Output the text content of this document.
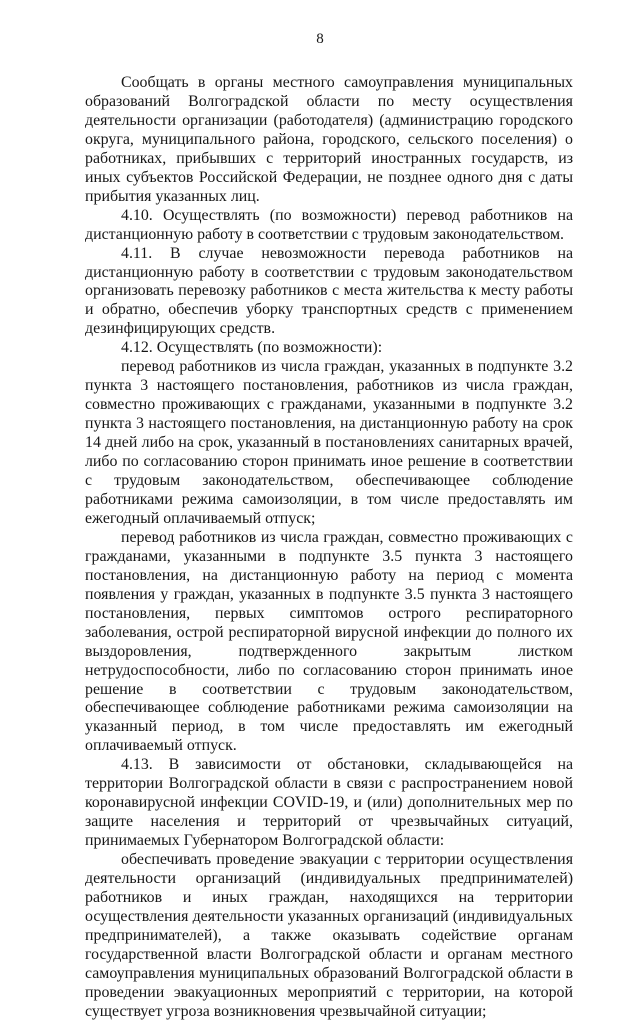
8

Сообщать в органы местного самоуправления муниципальных образований Волгоградской области по месту осуществления деятельности организации (работодателя) (администрацию городского округа, муниципального района, городского, сельского поселения) о работниках, прибывших с территорий иностранных государств, из иных субъектов Российской Федерации, не позднее одного дня с даты прибытия указанных лиц.

4.10. Осуществлять (по возможности) перевод работников на дистанционную работу в соответствии с трудовым законодательством.

4.11. В случае невозможности перевода работников на дистанционную работу в соответствии с трудовым законодательством организовать перевозку работников с места жительства к месту работы и обратно, обеспечив уборку транспортных средств с применением дезинфицирующих средств.

4.12. Осуществлять (по возможности):

перевод работников из числа граждан, указанных в подпункте 3.2 пункта 3 настоящего постановления, работников из числа граждан, совместно проживающих с гражданами, указанными в подпункте 3.2 пункта 3 настоящего постановления, на дистанционную работу на срок 14 дней либо на срок, указанный в постановлениях санитарных врачей, либо по согласованию сторон принимать иное решение в соответствии с трудовым законодательством, обеспечивающее соблюдение работниками режима самоизоляции, в том числе предоставлять им ежегодный оплачиваемый отпуск;

перевод работников из числа граждан, совместно проживающих с гражданами, указанными в подпункте 3.5 пункта 3 настоящего постановления, на дистанционную работу на период с момента появления у граждан, указанных в подпункте 3.5 пункта 3 настоящего постановления, первых симптомов острого респираторного заболевания, острой респираторной вирусной инфекции до полного их выздоровления, подтвержденного закрытым листком нетрудоспособности, либо по согласованию сторон принимать иное решение в соответствии с трудовым законодательством, обеспечивающее соблюдение работниками режима самоизоляции на указанный период, в том числе предоставлять им ежегодный оплачиваемый отпуск.

4.13. В зависимости от обстановки, складывающейся на территории Волгоградской области в связи с распространением новой коронавирусной инфекции COVID-19, и (или) дополнительных мер по защите населения и территорий от чрезвычайных ситуаций, принимаемых Губернатором Волгоградской области:

обеспечивать проведение эвакуации с территории осуществления деятельности организаций (индивидуальных предпринимателей) работников и иных граждан, находящихся на территории осуществления деятельности указанных организаций (индивидуальных предпринимателей), а также оказывать содействие органам государственной власти Волгоградской области и органам местного самоуправления муниципальных образований Волгоградской области в проведении эвакуационных мероприятий с территории, на которой существует угроза возникновения чрезвычайной ситуации;
